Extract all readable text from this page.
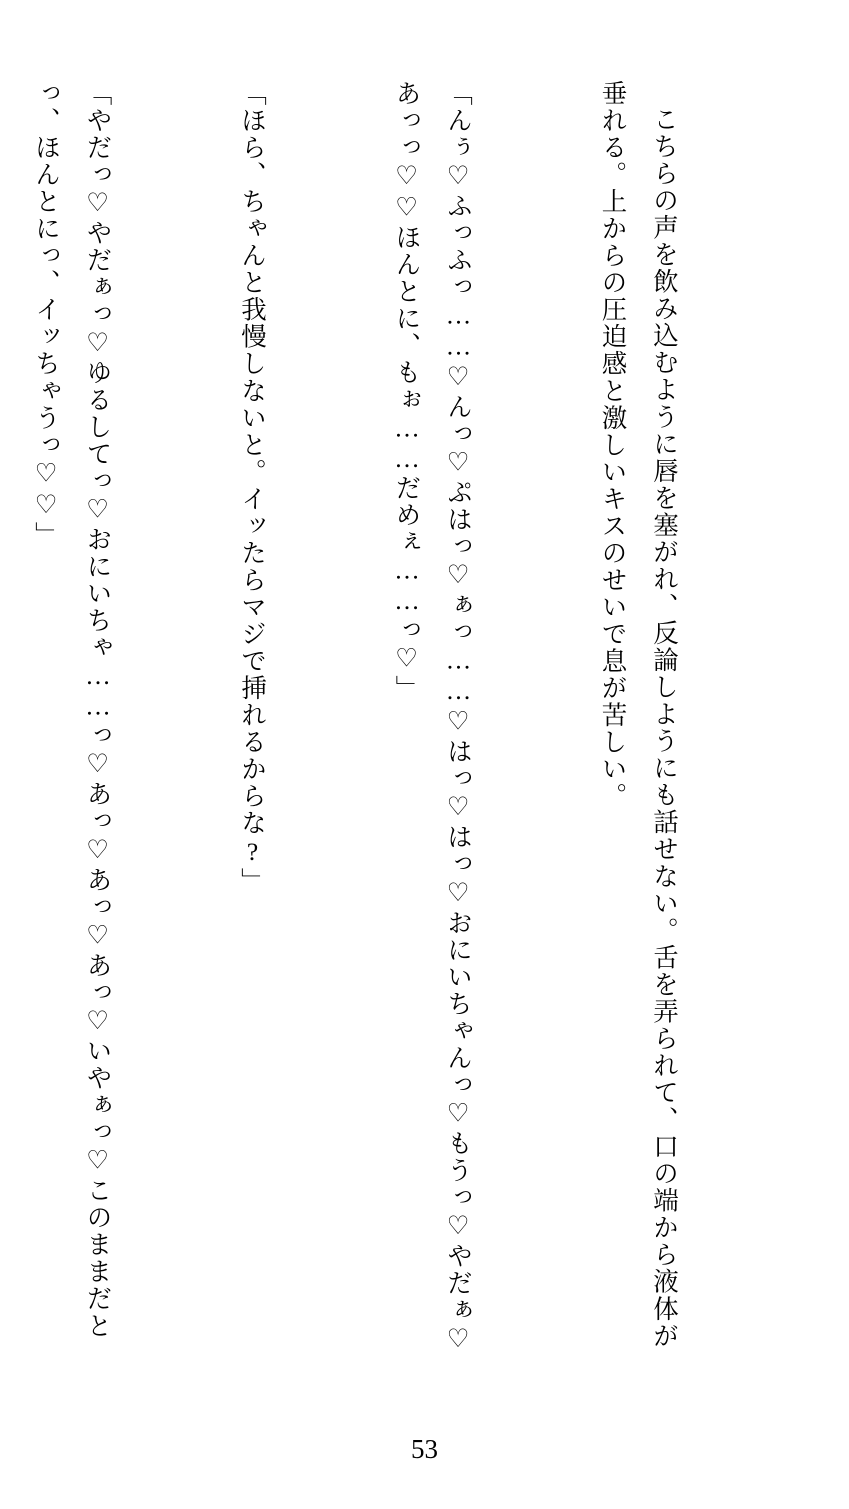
こちらの声を飲み込むように唇を塞がれ、反論しようにも話せない。舌を弄られて、口の端から液体が垂れる。上からの圧迫感と激しいキスのせいで息が苦しい。

「んぅ♡ふっふっ……♡んっ♡ぷはっ♡ぁっ……♡はっ♡はっ♡おにいちゃんっ♡もうっ♡やだぁ♡あっっ♡♡ほんとに、もぉ……だめぇ……っ♡」

「ほら、ちゃんと我慢しないと。イッたらマジで挿れるからな?」

「やだっ♡やだぁっ♡ゆるしてっ♡おにいちゃ……っ♡あっ♡あっ♡あっ♡いやぁっ♡このままだとっ、ほんとにっ、イッちゃうっ♡♡」

53
